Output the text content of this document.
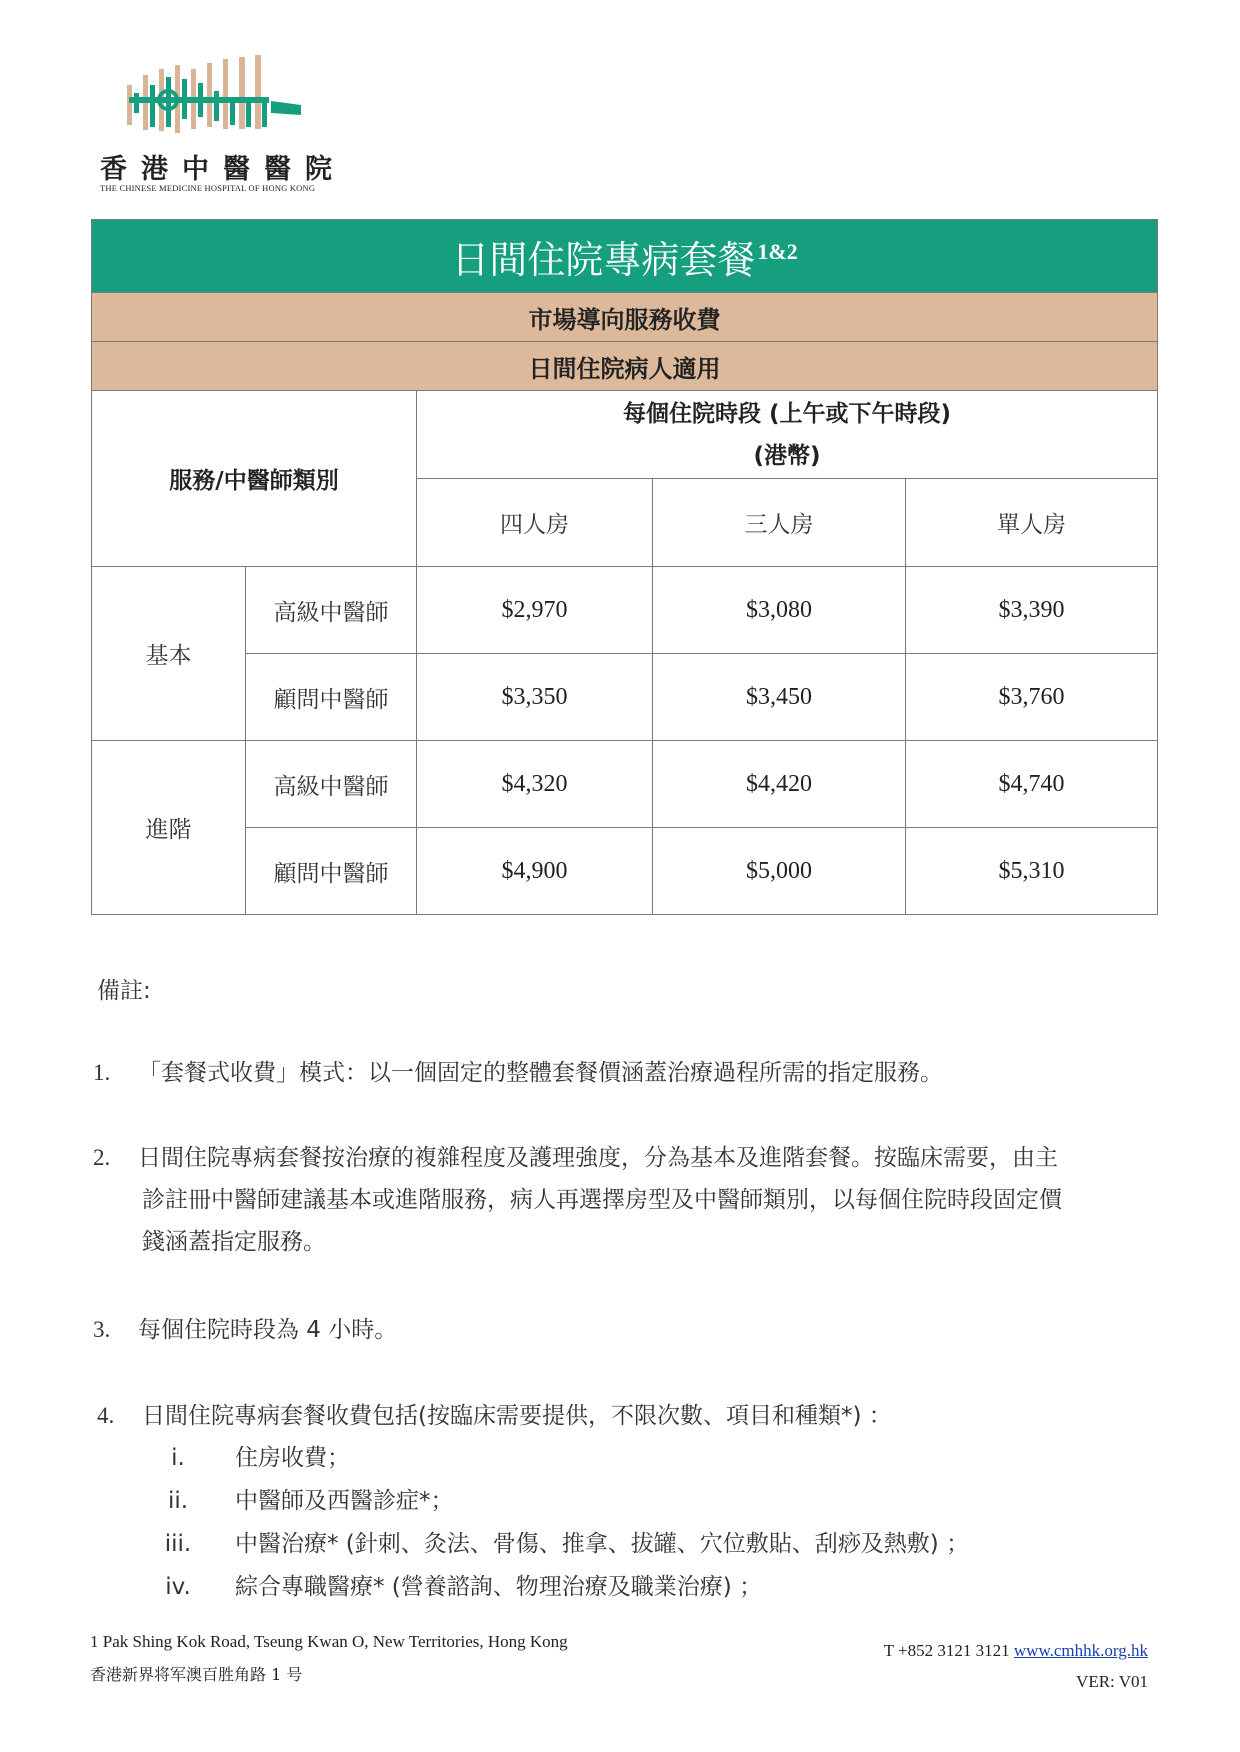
香港中醫醫院
THE CHINESE MEDICINE HOSPITAL OF HONG KONG
日間住院專病套餐$^{1\&2}$
市場導向服務收費				
日間住院病人適用				
服務/中醫師類別		每個住院時段 (上午或下午時段)
(港幣)		

		四人房	三人房	單人房
基本	高級中醫師	$2,970	$3,080	$3,390
	顧問中醫師	$3,350	$3,450	$3,760
進階	高級中醫師	$4,320	$4,420	$4,740
	顧問中醫師	$4,900	$5,000	$5,310
備註:
1. 「套餐式收費」模式：以一個固定的整體套餐價涵蓋治療過程所需的指定服務。
2. 日間住院專病套餐按治療的複雜程度及護理強度，分為基本及進階套餐。按臨床需要，由主
診註冊中醫師建議基本或進階服務，病人再選擇房型及中醫師類別，以每個住院時段固定價
錢涵蓋指定服務。
3. 每個住院時段為 4 小時。
4. 日間住院專病套餐收費包括(按臨床需要提供，不限次數、項目和種類*) ：
i.	住房收費；
ii.	中醫師及西醫診症*；
iii. 中醫治療* (針刺、灸法、骨傷、推拿、拔罐、穴位敷貼、刮痧及熱敷) ；
iv.	綜合專職醫療* (營養諮詢、物理治療及職業治療) ；
1 Pak Shing Kok Road, Tseung Kwan O, New Territories, Hong Kong
香港新界将军澳百胜角路 1 号
T +852 3121 3121 www.cmhhk.org.hk
VER: V01
